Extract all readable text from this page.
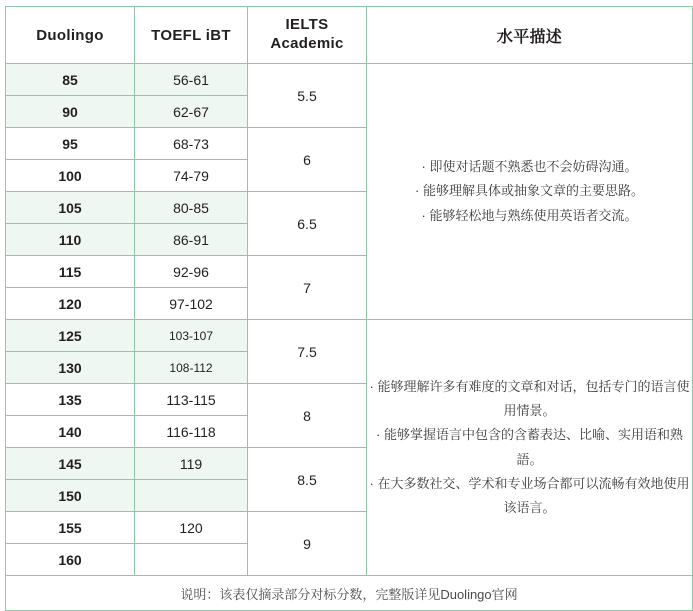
Duolingo	TOEFL iBT	IELTS Academic	水平描述
85	56-61	5.5	· 即使对话题不熟悉也不会妨碍沟通。

· 能够理解具体或抽象文章的主要思路。

· 能够轻松地与熟练使用英语者交流。

90	62-67		
95	68-73	6	
100	74-79		
105	80-85	6.5	
110	86-91		
115	92-96	7	
120	97-102		
125	103-107	7.5	· 能够理解许多有难度的文章和对话，包括专门的语言使用情景。

· 能够掌握语言中包含的含蓄表达、比喻、实用语和熟語。

· 在大多数社交、学术和专业场合都可以流畅有效地使用该语言。

130	108-112		
135	113-115	8	
140	116-118		
145	119	8.5	
150			
155	120	9	
160			
说明：该表仅摘录部分对标分数，完整版详见Duolingo官网			
